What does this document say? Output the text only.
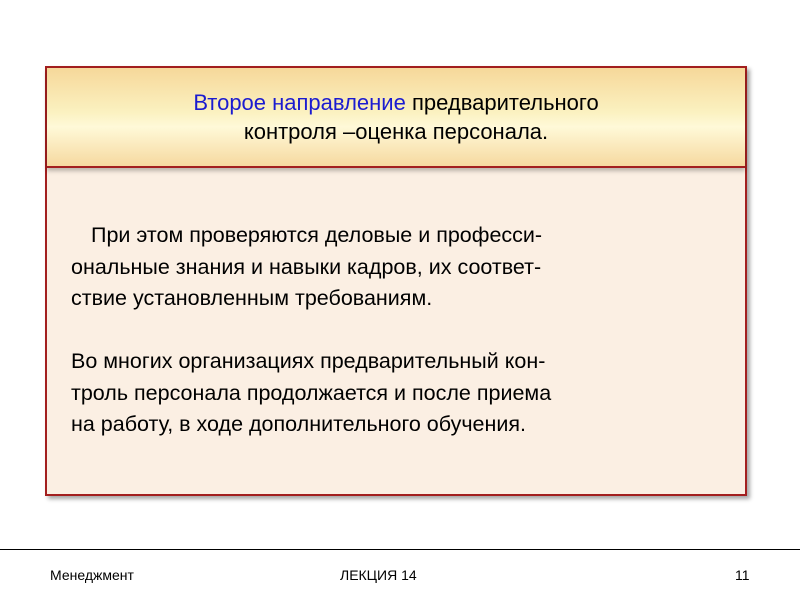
Второе направление предварительного
контроля –оценка персонала.

При этом проверяются деловые и професси-
ональные знания и навыки кадров, их соответ-
ствие установленным требованиям.

Во многих организациях предварительный кон-
троль персонала продолжается и после приема
на работу, в ходе дополнительного обучения.

Менеджмент	ЛЕКЦИЯ 14	11
